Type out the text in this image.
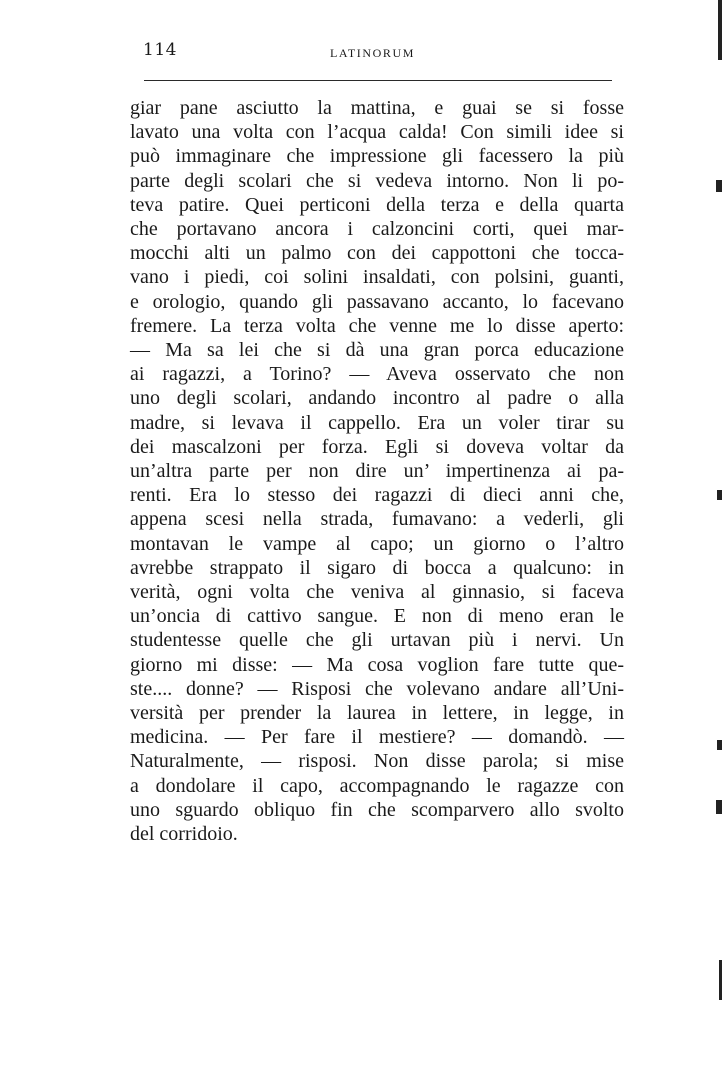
114	LATINORUM
giar pane asciutto la mattina, e guai se si fosse
lavato una volta con l’acqua calda! Con simili idee si
può immaginare che impressione gli facessero la più
parte degli scolari che si vedeva intorno. Non li po-
teva patire. Quei perticoni della terza e della quarta
che portavano ancora i calzoncini corti, quei mar-
mocchi alti un palmo con dei cappottoni che tocca-
vano i piedi, coi solini insaldati, con polsini, guanti,
e orologio, quando gli passavano accanto, lo facevano
fremere. La terza volta che venne me lo disse aperto:
— Ma sa lei che si dà una gran porca educazione
ai ragazzi, a Torino? — Aveva osservato che non
uno degli scolari, andando incontro al padre o alla
madre, si levava il cappello. Era un voler tirar su
dei mascalzoni per forza. Egli si doveva voltar da
un’altra parte per non dire un’ impertinenza ai pa-
renti. Era lo stesso dei ragazzi di dieci anni che,
appena scesi nella strada, fumavano: a vederli, gli
montavan le vampe al capo; un giorno o l’altro
avrebbe strappato il sigaro di bocca a qualcuno: in
verità, ogni volta che veniva al ginnasio, si faceva
un’oncia di cattivo sangue. E non di meno eran le
studentesse quelle che gli urtavan più i nervi. Un
giorno mi disse: — Ma cosa voglion fare tutte que-
ste.... donne? — Risposi che volevano andare all’Uni-
versità per prender la laurea in lettere, in legge, in
medicina. — Per fare il mestiere? — domandò. —
Naturalmente, — risposi. Non disse parola; si mise
a dondolare il capo, accompagnando le ragazze con
uno sguardo obliquo fin che scomparvero allo svolto
del corridoio.
